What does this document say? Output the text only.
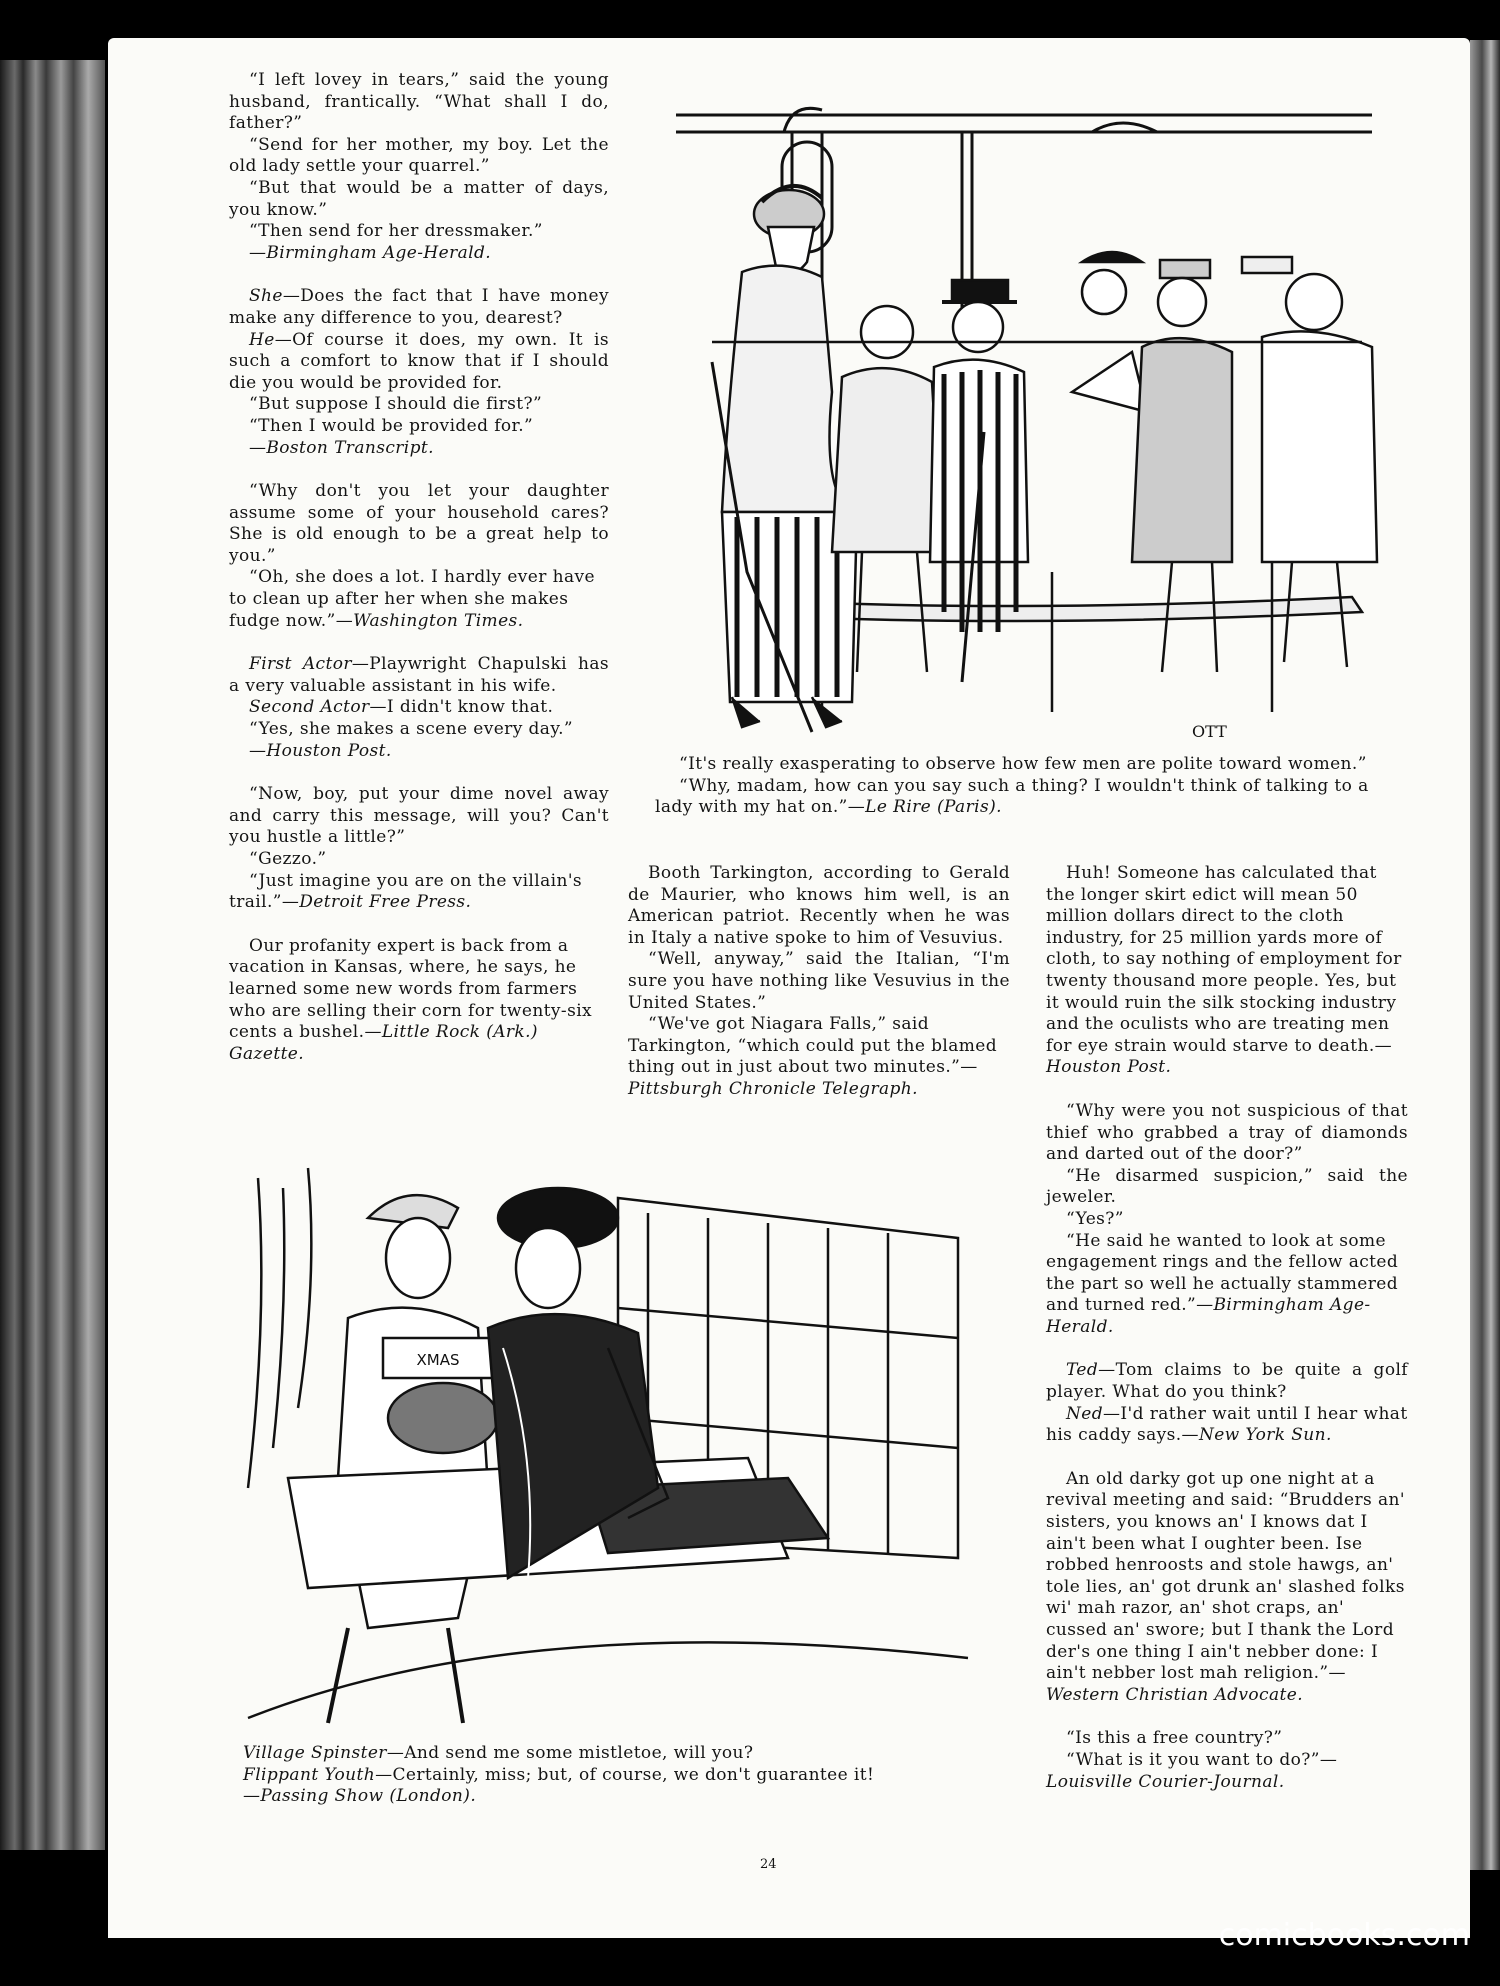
“I left lovey in tears,” said the young husband, frantically. “What shall I do, father?”

“Send for her mother, my boy. Let the old lady settle your quarrel.”

“But that would be a matter of days, you know.”

“Then send for her dressmaker.”

—Birmingham Age-Herald.

She—Does the fact that I have money make any difference to you, dearest?

He—Of course it does, my own. It is such a comfort to know that if I should die you would be provided for.

“But suppose I should die first?”

“Then I would be provided for.”

—Boston Transcript.

“Why don't you let your daughter assume some of your household cares? She is old enough to be a great help to you.”

“Oh, she does a lot. I hardly ever have to clean up after her when she makes fudge now.”—Washington Times.

First Actor—Playwright Chapulski has a very valuable assistant in his wife.

Second Actor—I didn't know that.

“Yes, she makes a scene every day.”

—Houston Post.

“Now, boy, put your dime novel away and carry this message, will you? Can't you hustle a little?”

“Gezzo.”

“Just imagine you are on the villain's trail.”—Detroit Free Press.

Our profanity expert is back from a vacation in Kansas, where, he says, he learned some new words from farmers who are selling their corn for twenty-six cents a bushel.—Little Rock (Ark.) Gazette.

Booth Tarkington, according to Gerald de Maurier, who knows him well, is an American patriot. Recently when he was in Italy a native spoke to him of Vesuvius.

“Well, anyway,” said the Italian, “I'm sure you have nothing like Vesuvius in the United States.”

“We've got Niagara Falls,” said Tarkington, “which could put the blamed thing out in just about two minutes.”—Pittsburgh Chronicle Telegraph.

Huh! Someone has calculated that the longer skirt edict will mean 50 million dollars direct to the cloth industry, for 25 million yards more of cloth, to say nothing of employment for twenty thousand more people. Yes, but it would ruin the silk stocking industry and the oculists who are treating men for eye strain would starve to death.—Houston Post.

“Why were you not suspicious of that thief who grabbed a tray of diamonds and darted out of the door?”

“He disarmed suspicion,” said the jeweler.

“Yes?”

“He said he wanted to look at some engagement rings and the fellow acted the part so well he actually stammered and turned red.”—Birmingham Age-Herald.

Ted—Tom claims to be quite a golf player. What do you think?

Ned—I'd rather wait until I hear what his caddy says.—New York Sun.

An old darky got up one night at a revival meeting and said: “Brudders an' sisters, you knows an' I knows dat I ain't been what I oughter been. Ise robbed henroosts and stole hawgs, an' tole lies, an' got drunk an' slashed folks wi' mah razor, an' shot craps, an' cussed an' swore; but I thank the Lord der's one thing I ain't nebber done: I ain't nebber lost mah religion.”—Western Christian Advocate.

“Is this a free country?”

“What is it you want to do?”—Louisville Courier-Journal.

“It's really exasperating to observe how few men are polite toward women.”

“Why, madam, how can you say such a thing? I wouldn't think of talking to a lady with my hat on.”—Le Rire (Paris).

Village Spinster—And send me some mistletoe, will you?

Flippant Youth—Certainly, miss; but, of course, we don't guarantee it!

—Passing Show (London).

OTT
XMAS
24
comicbooks.com
